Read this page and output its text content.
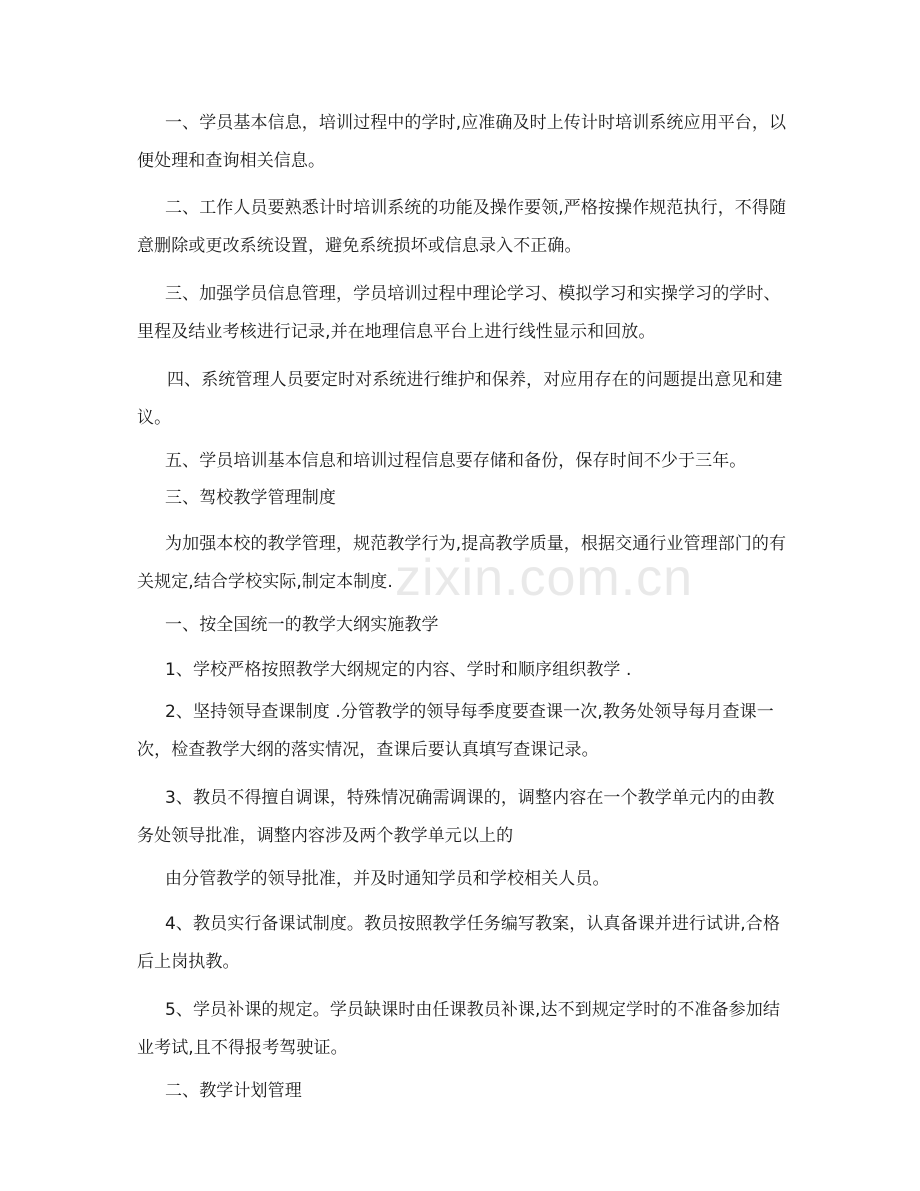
一、学员基本信息，培训过程中的学时,应准确及时上传计时培训系统应用平台，以便处理和查询相关信息。

二、工作人员要熟悉计时培训系统的功能及操作要领,严格按操作规范执行，不得随意删除或更改系统设置，避免系统损坏或信息录入不正确。

三、加强学员信息管理，学员培训过程中理论学习、模拟学习和实操学习的学时、里程及结业考核进行记录,并在地理信息平台上进行线性显示和回放。

四、系统管理人员要定时对系统进行维护和保养，对应用存在的问题提出意见和建议。

五、学员培训基本信息和培训过程信息要存储和备份，保存时间不少于三年。

三、驾校教学管理制度

为加强本校的教学管理，规范教学行为,提高教学质量，根据交通行业管理部门的有关规定,结合学校实际,制定本制度.

一、按全国统一的教学大纲实施教学

1、学校严格按照教学大纲规定的内容、学时和顺序组织教学 .

2、坚持领导查课制度 .分管教学的领导每季度要查课一次,教务处领导每月查课一次，检查教学大纲的落实情况，查课后要认真填写查课记录。

3、教员不得擅自调课，特殊情况确需调课的，调整内容在一个教学单元内的由教务处领导批准，调整内容涉及两个教学单元以上的

由分管教学的领导批准，并及时通知学员和学校相关人员。

4、教员实行备课试制度。教员按照教学任务编写教案，认真备课并进行试讲,合格后上岗执教。

5、学员补课的规定。学员缺课时由任课教员补课,达不到规定学时的不准备参加结业考试,且不得报考驾驶证。

二、教学计划管理

zixin.com.cn
